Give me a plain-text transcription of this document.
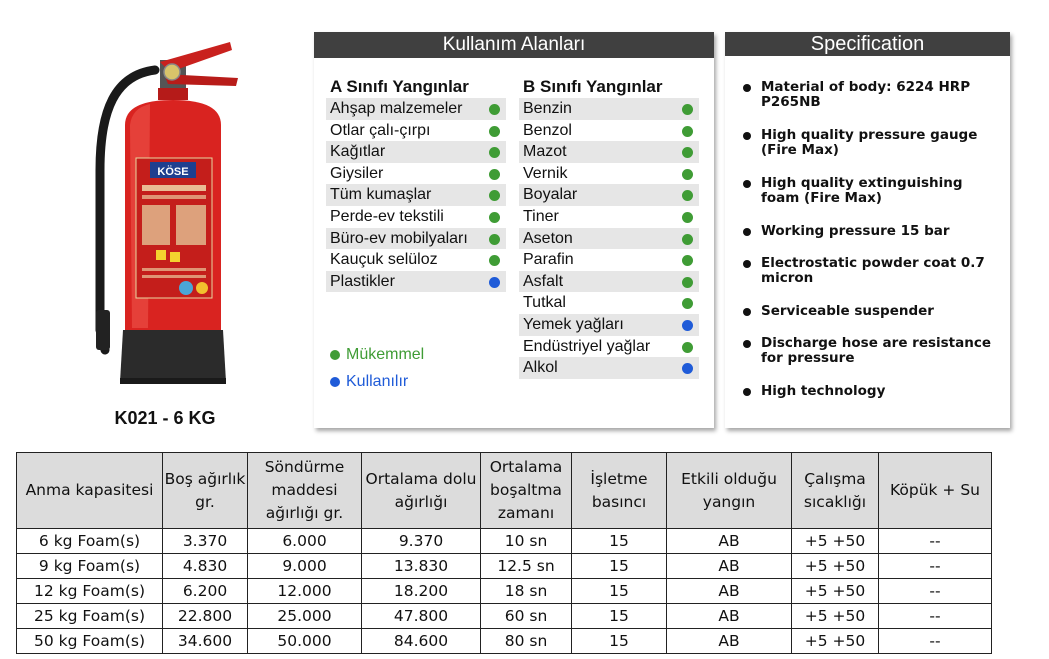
KÖSE
K021 - 6 KG
Kullanım Alanları
A Sınıfı Yangınlar
Ahşap malzemeler
Otlar çalı-çırpı
Kağıtlar
Giysiler
Tüm kumaşlar
Perde-ev tekstili
Büro-ev mobilyaları
Kauçuk selüloz
Plastikler
B Sınıfı Yangınlar
Benzin
Benzol
Mazot
Vernik
Boyalar
Tiner
Aseton
Parafin
Asfalt
Tutkal
Yemek yağları
Endüstriyel yağlar
Alkol
Mükemmel
Kullanılır
Specification
Material of body: 6224 HRP P265NB
High quality pressure gauge (Fire Max)
High quality extinguishing foam (Fire Max)
Working pressure 15 bar
Electrostatic powder coat 0.7 micron
Serviceable suspender
Discharge hose are resistance for pressure
High technology
Anma kapasitesi	Boş ağırlık gr.	Söndürme maddesi ağırlığı gr.	Ortalama dolu ağırlığı	Ortalama boşaltma zamanı	İşletme basıncı	Etkili olduğu yangın	Çalışma sıcaklığı	Köpük + Su
6 kg Foam(s)	3.370	6.000	9.370	10 sn	15	AB	+5 +50	--
9 kg Foam(s)	4.830	9.000	13.830	12.5 sn	15	AB	+5 +50	--
12 kg Foam(s)	6.200	12.000	18.200	18 sn	15	AB	+5 +50	--
25 kg Foam(s)	22.800	25.000	47.800	60 sn	15	AB	+5 +50	--
50 kg Foam(s)	34.600	50.000	84.600	80 sn	15	AB	+5 +50	--
